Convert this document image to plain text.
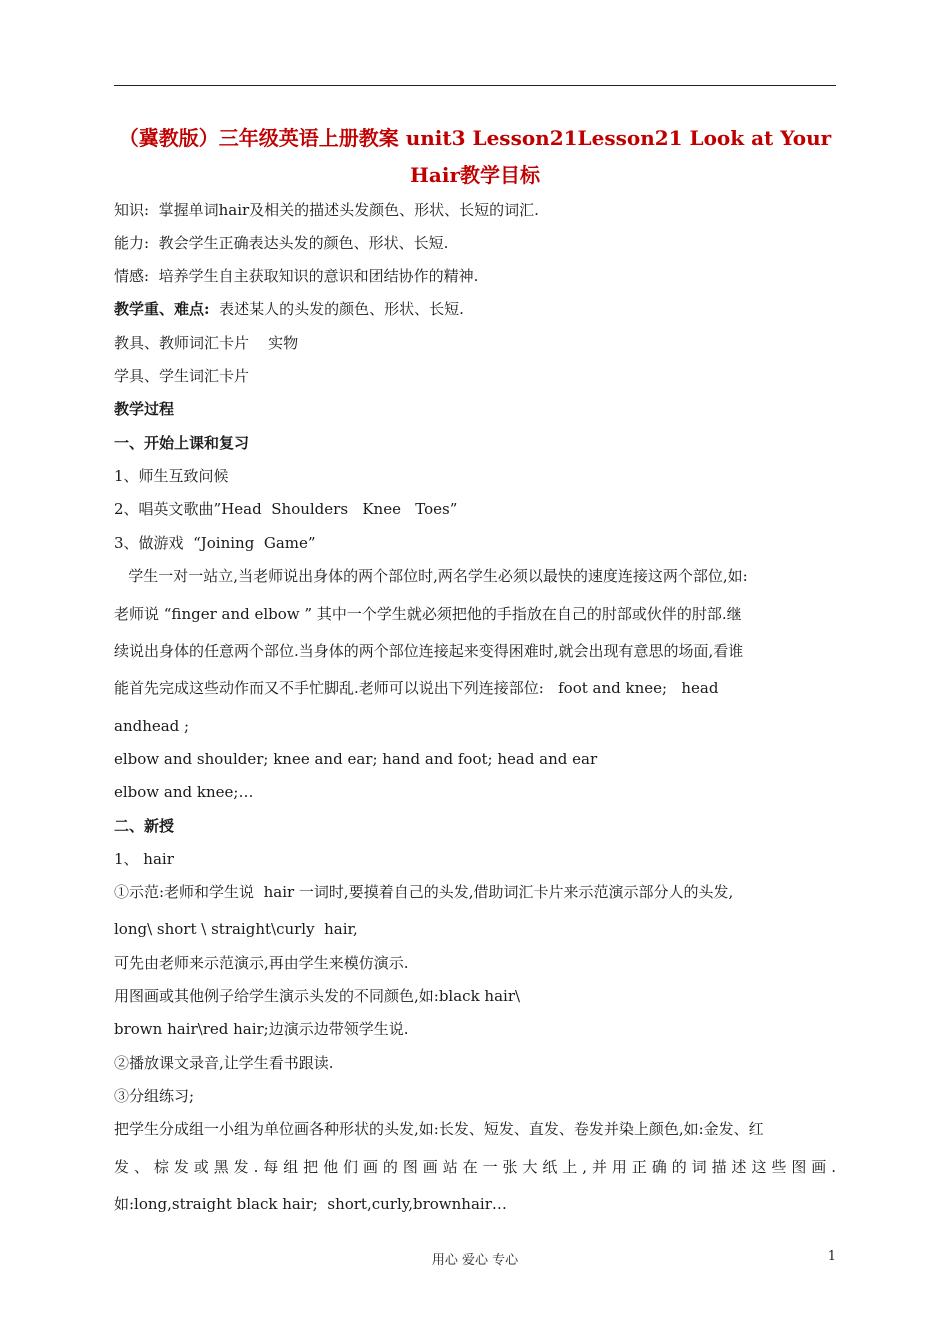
（冀教版）三年级英语上册教案 unit3 Lesson21Lesson21 Look at Your
Hair教学目标
知识:  掌握单词hair及相关的描述头发颜色、形状、长短的词汇.
能力:  教会学生正确表达头发的颜色、形状、长短.
情感:  培养学生自主获取知识的意识和团结协作的精神.
教学重、难点: 表述某人的头发的颜色、形状、长短.
教具、教师词汇卡片    实物
学具、学生词汇卡片
教学过程
一、开始上课和复习
1、师生互致问候
2、唱英文歌曲”Head  Shoulders   Knee   Toes”
3、做游戏  “Joining  Game”
学生一对一站立,当老师说出身体的两个部位时,两名学生必须以最快的速度连接这两个部位,如:
老师说 “finger and elbow ” 其中一个学生就必须把他的手指放在自己的肘部或伙伴的肘部.继
续说出身体的任意两个部位.当身体的两个部位连接起来变得困难时,就会出现有意思的场面,看谁
能首先完成这些动作而又不手忙脚乱.老师可以说出下列连接部位:   foot and knee;   head
andhead ;
elbow and shoulder; knee and ear; hand and foot; head and ear
elbow and knee;…
二、新授
1、 hair
①示范:老师和学生说  hair 一词时,要摸着自己的头发,借助词汇卡片来示范演示部分人的头发,
long\ short \ straight\curly  hair,
可先由老师来示范演示,再由学生来模仿演示.
用图画或其他例子给学生演示头发的不同颜色,如:black hair\
brown hair\red hair;边演示边带领学生说.
②播放课文录音,让学生看书跟读.
③分组练习;
把学生分成组一小组为单位画各种形状的头发,如:长发、短发、直发、卷发并染上颜色,如:金发、红
发、棕发或黑发.每组把他们画的图画站在一张大纸上,并用正确的词描述这些图画.
如:long,straight black hair;  short,curly,brownhair…
用心 爱心 专心	1
